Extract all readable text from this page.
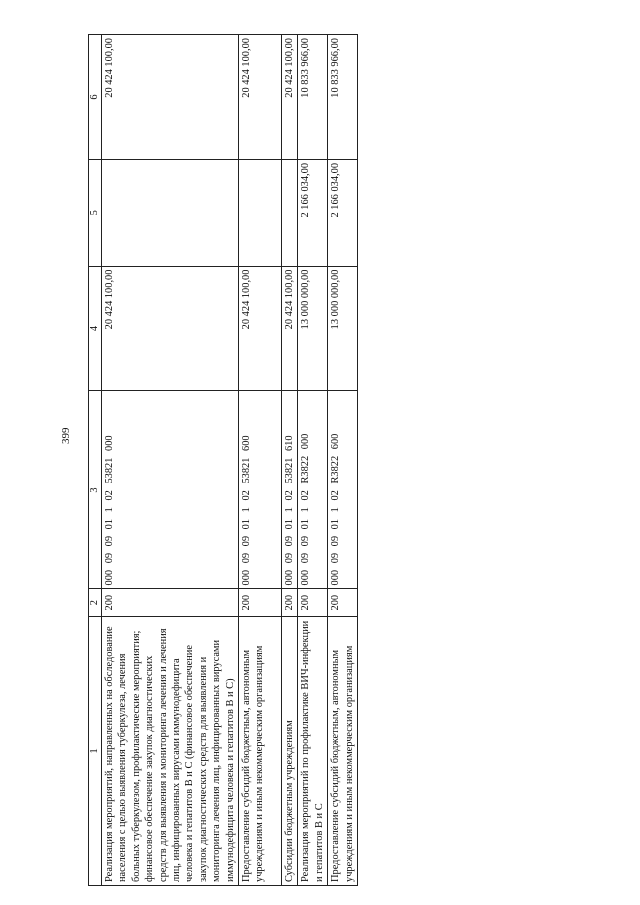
399
1	2	3	4	5	6
Реализация мероприятий, направленных на обследование населения с целью выявления туберкулеза, лечения больных туберкулезом, профилактические мероприятия; финансовое обеспечение закупок диагностических средств для выявления и мониторинга лечения и лечения лиц, инфицированных вирусами иммунодефицита человека и гепатитов В и С (финансовое обеспечение закупок диагностических средств для выявления и мониторинга лечения лиц, инфицированных вирусами иммунодефицита человека и гепатитов В и С)	200	000 09 09 01 1 02 53821 000	20 424 100,00		20 424 100,00
Предоставление субсидий бюджетным, автономным учреждениям и иным некоммерческим организациям	200	000 09 09 01 1 02 53821 600	20 424 100,00		20 424 100,00
Субсидии бюджетным учреждениям	200	000 09 09 01 1 02 53821 610	20 424 100,00		20 424 100,00
Реализация мероприятий по профилактике ВИЧ-инфекции и гепатитов В и С	200	000 09 09 01 1 02 R3822 000	13 000 000,00	2 166 034,00	10 833 966,00
Предоставление субсидий бюджетным, автономным учреждениям и иным некоммерческим организациям	200	000 09 09 01 1 02 R3822 600	13 000 000,00	2 166 034,00	10 833 966,00
